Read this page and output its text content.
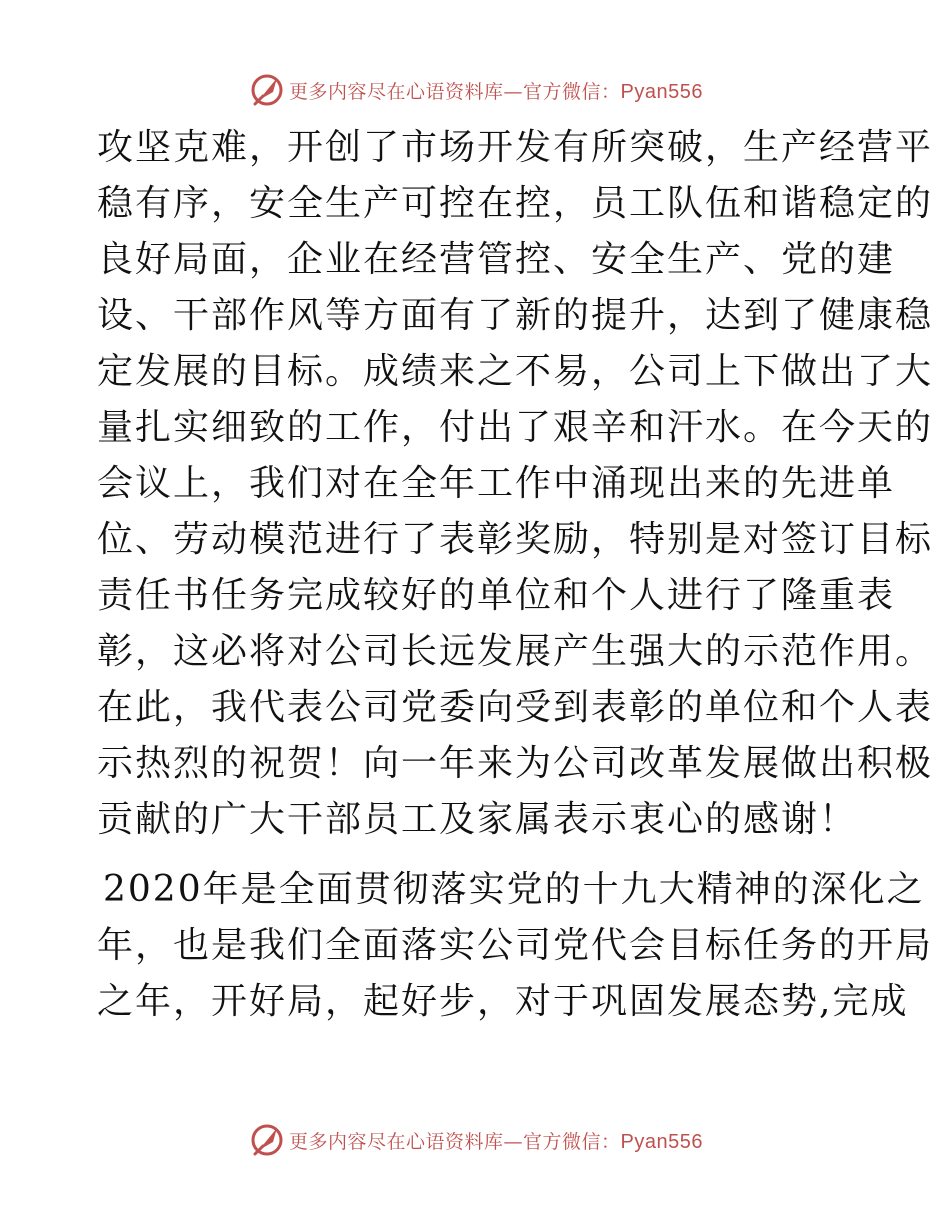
更多内容尽在心语资料库—官方微信：Pyan556
攻坚克难，开创了市场开发有所突破，生产经营平
稳有序，安全生产可控在控，员工队伍和谐稳定的
良好局面，企业在经营管控、安全生产、党的建
设、干部作风等方面有了新的提升，达到了健康稳
定发展的目标。成绩来之不易，公司上下做出了大
量扎实细致的工作，付出了艰辛和汗水。在今天的
会议上，我们对在全年工作中涌现出来的先进单
位、劳动模范进行了表彰奖励，特别是对签订目标
责任书任务完成较好的单位和个人进行了隆重表
彰，这必将对公司长远发展产生强大的示范作用。
在此，我代表公司党委向受到表彰的单位和个人表
示热烈的祝贺！向一年来为公司改革发展做出积极
贡献的广大干部员工及家属表示衷心的感谢！
2020年是全面贯彻落实党的十九大精神的深化之
年，也是我们全面落实公司党代会目标任务的开局
之年，开好局，起好步，对于巩固发展态势,完成
更多内容尽在心语资料库—官方微信：Pyan556
